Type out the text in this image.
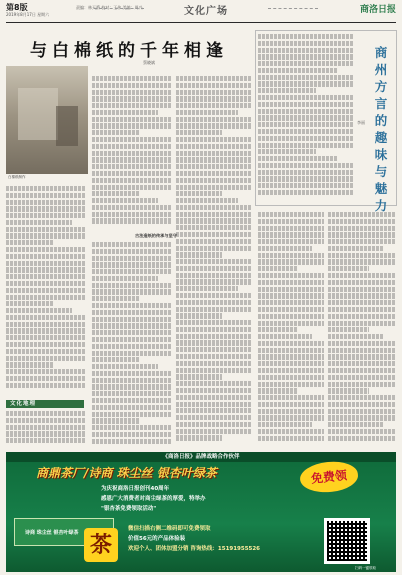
第8版
2019年8月17日 星期六
责编：林天爵 校对：王伟 美编：周兴	文化广场	商洛日报
与白棉纸的千年相逢
蔡晓斌
白棉纸制作
古法造纸的传承与坚守
商州方言的趣味与魅力
李丽
文化地理
《商洛日报》品牌战略合作伙伴
商鼎茶厂/诗商 珠尘丝 银杏叶绿茶	免费领
为庆祝商洛日报创刊40周年
感恩广大消费者对商尘绿茶的厚爱，特举办
"银杏茶免费领取活动"
诗商 珠尘丝 银杏叶绿茶 茶
微信扫描右侧二维码即可免费领取
价值56元的产品体验装
欢迎个人、团体加盟分销 咨询热线：15191955526
扫码一键领取
